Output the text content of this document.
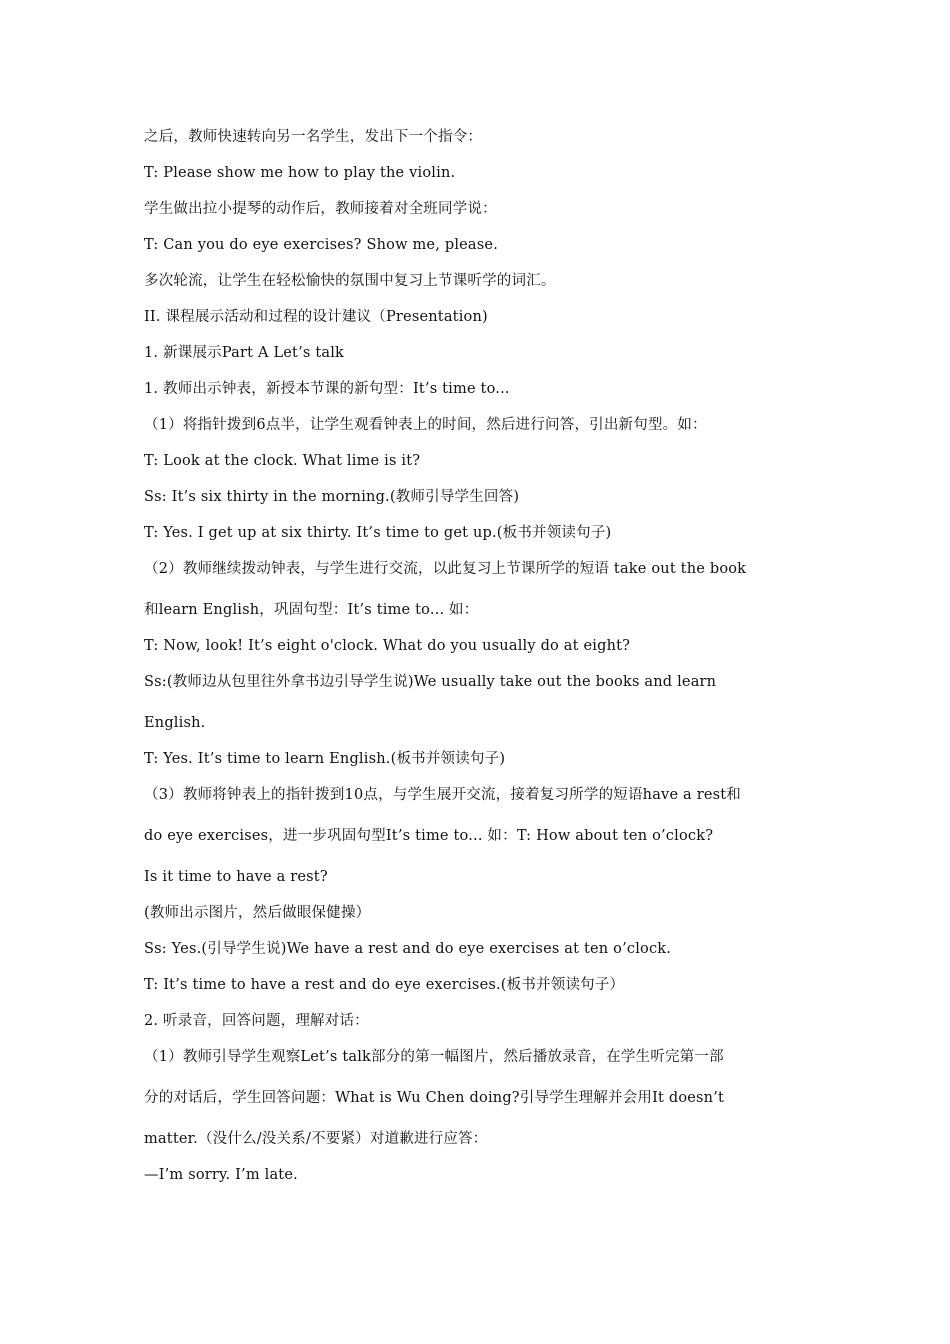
之后，教师快速转向另一名学生，发出下一个指令：
T: Please show me how to play the violin.
学生做出拉小提琴的动作后，教师接着对全班同学说：
T: Can you do eye exercises? Show me, please.
多次轮流，让学生在轻松愉快的氛围中复习上节课听学的词汇。
II. 课程展示活动和过程的设计建议（Presentation)
1. 新课展示Part A Let’s talk
1. 教师出示钟表，新授本节课的新句型：It’s time to...
（1）将指针拨到6点半，让学生观看钟表上的时间，然后进行问答，引出新句型。如：
T: Look at the clock. What lime is it?
Ss: It’s six thirty in the morning.(教师引导学生回答)
T: Yes. I get up at six thirty. It’s time to get up.(板书并领读句子)
（2）教师继续拨动钟表，与学生进行交流，以此复习上节课所学的短语 take out the book
和learn English，巩固句型：It’s time to... 如：
T: Now, look! It’s eight o'clock. What do you usually do at eight?
Ss:(教师边从包里往外拿书边引导学生说)We usually take out the books and learn
English.
T: Yes. It’s time to learn English.(板书并领读句子)
（3）教师将钟表上的指针拨到10点，与学生展开交流，接着复习所学的短语have a rest和
do eye exercises，进一步巩固句型It’s time to... 如：T: How about ten o’clock?
Is it time to have a rest?
(教师出示图片，然后做眼保健操）
Ss: Yes.(引导学生说)We have a rest and do eye exercises at ten o’clock.
T: It’s time to have a rest and do eye exercises.(板书并领读句子）
2. 听录音，回答问题，理解对话：
（1）教师引导学生观察Let’s talk部分的第一幅图片，然后播放录音，在学生听完第一部
分的对话后，学生回答问题：What is Wu Chen doing?引导学生理解并会用It doesn’t
matter.（没什么/没关系/不要紧）对道歉进行应答：
—I’m sorry. I’m late.
